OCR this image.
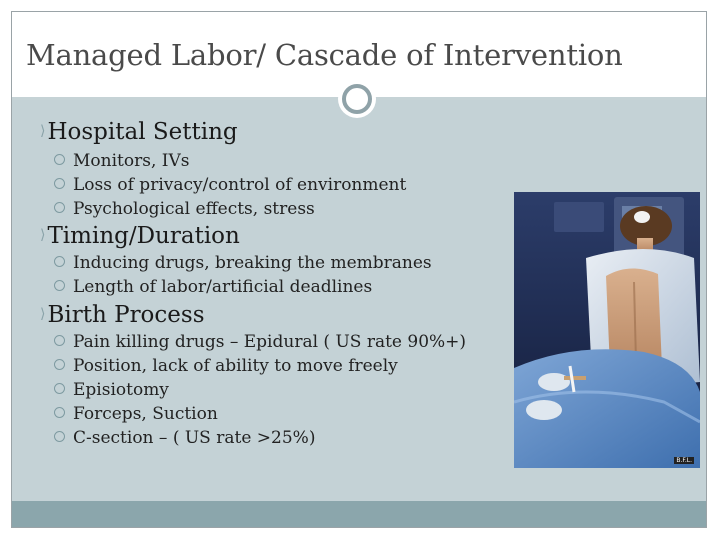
Managed Labor/ Cascade of Intervention
⟩Hospital Setting
Monitors, IVs
Loss of privacy/control of environment
Psychological effects, stress
⟩Timing/Duration
Inducing drugs, breaking the membranes
Length of labor/artificial deadlines
⟩Birth Process
Pain killing drugs – Epidural ( US rate 90%+)
Position, lack of ability to move freely
Episiotomy
Forceps, Suction
C-section – ( US rate >25%)
B.F.L.
